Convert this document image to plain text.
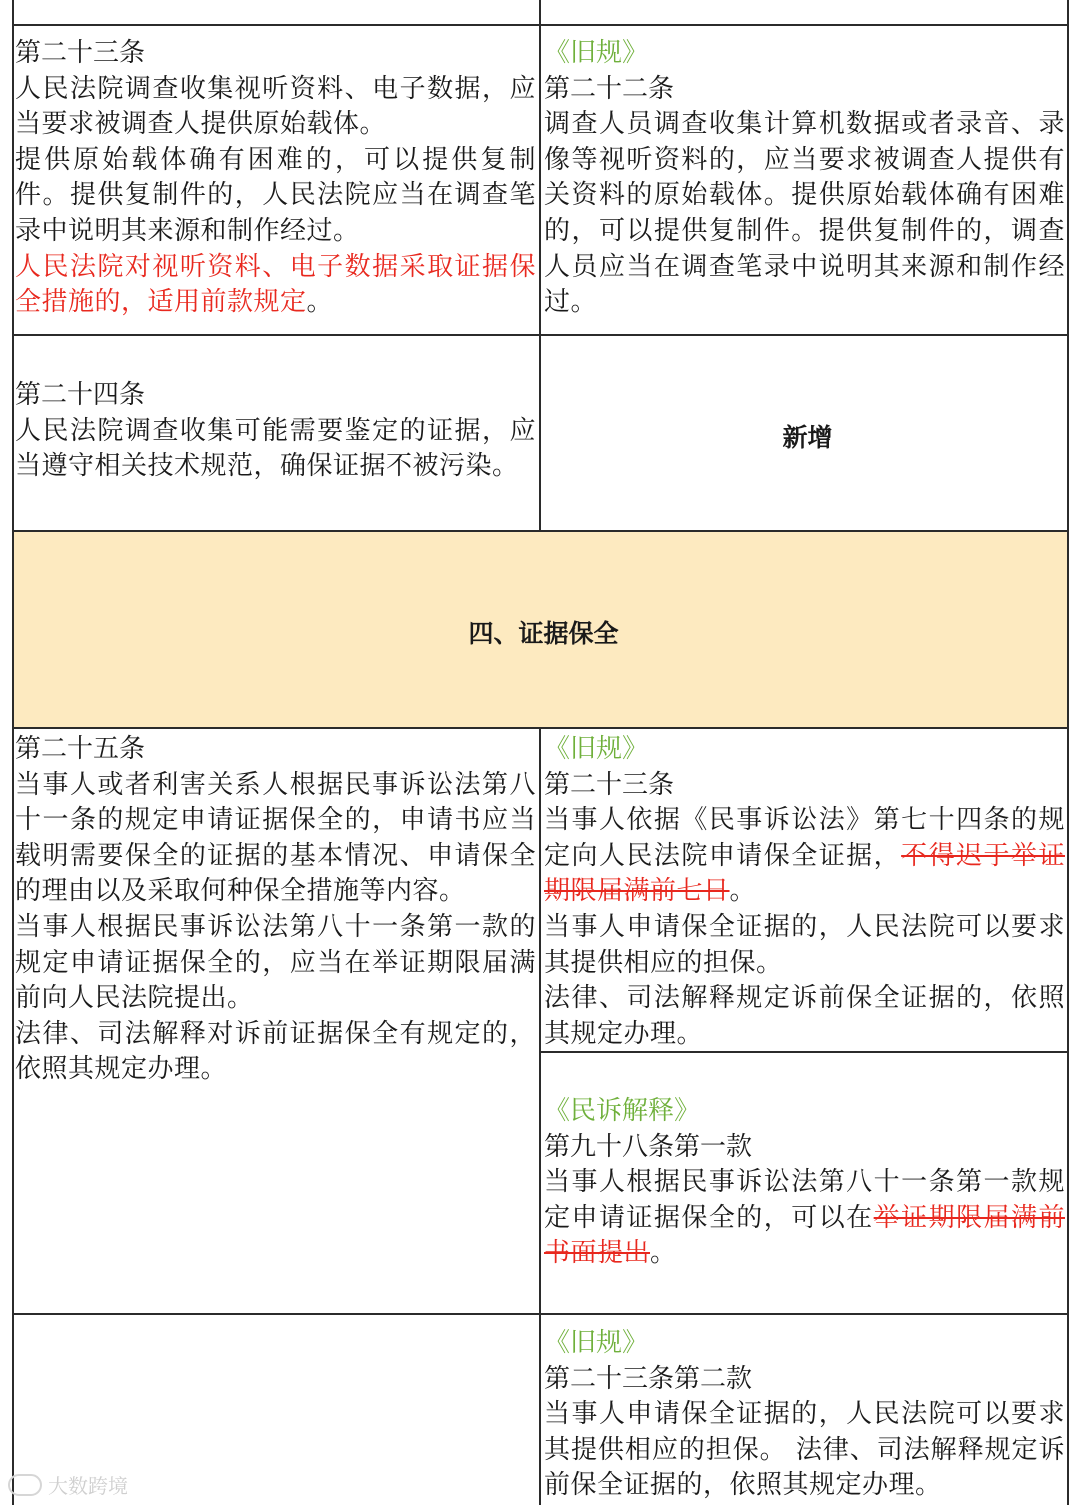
第二十三条

人民法院调查收集视听资料、电子数据，应当要求被调查人提供原始载体。

提供原始载体确有困难的，可以提供复制件。提供复制件的，人民法院应当在调查笔录中说明其来源和制作经过。

人民法院对视听资料、电子数据采取证据保全措施的，适用前款规定。

《旧规》

第二十二条

调查人员调查收集计算机数据或者录音、录像等视听资料的，应当要求被调查人提供有关资料的原始载体。提供原始载体确有困难的，可以提供复制件。提供复制件的，调查人员应当在调查笔录中说明其来源和制作经过。

第二十四条

人民法院调查收集可能需要鉴定的证据，应当遵守相关技术规范，确保证据不被污染。

新增
四、证据保全

第二十五条

当事人或者利害关系人根据民事诉讼法第八十一条的规定申请证据保全的，申请书应当载明需要保全的证据的基本情况、申请保全的理由以及采取何种保全措施等内容。

当事人根据民事诉讼法第八十一条第一款的规定申请证据保全的，应当在举证期限届满前向人民法院提出。

法律、司法解释对诉前证据保全有规定的，依照其规定办理。

《旧规》

第二十三条

当事人依据《民事诉讼法》第七十四条的规定向人民法院申请保全证据，不得迟于举证期限届满前七日。

当事人申请保全证据的，人民法院可以要求其提供相应的担保。

法律、司法解释规定诉前保全证据的，依照其规定办理。

《民诉解释》

第九十八条第一款

当事人根据民事诉讼法第八十一条第一款规定申请证据保全的，可以在举证期限届满前书面提出。

《旧规》

第二十三条第二款

当事人申请保全证据的，人民法院可以要求其提供相应的担保。 法律、司法解释规定诉前保全证据的，依照其规定办理。

大数跨境
